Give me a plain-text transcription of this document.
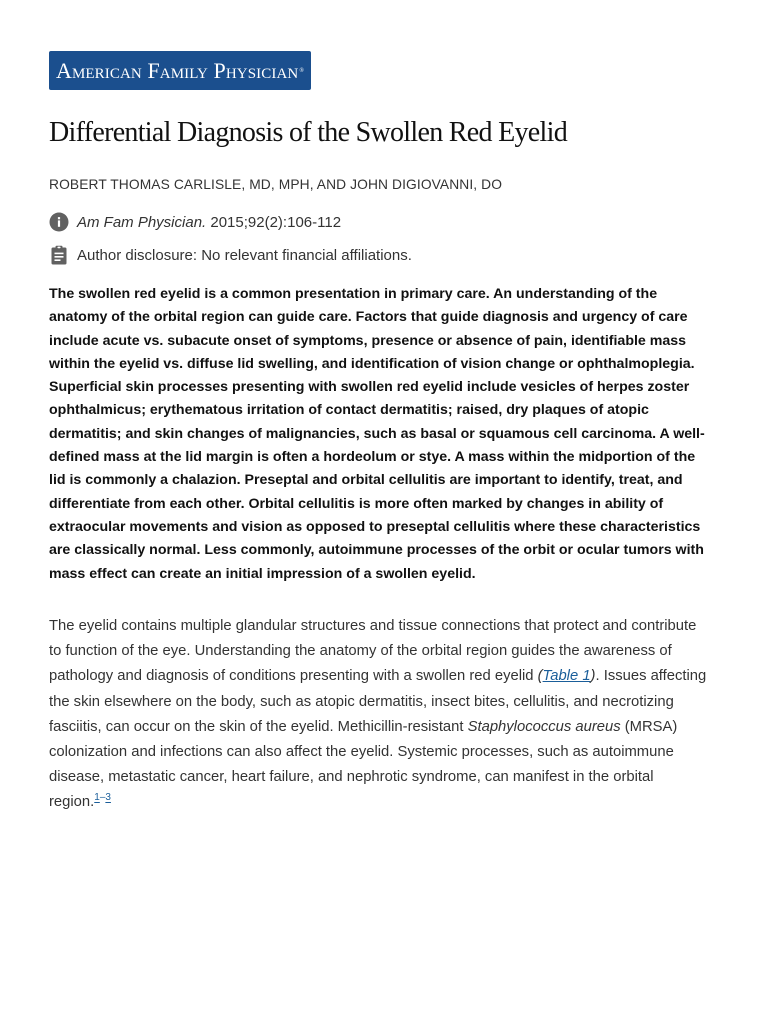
American Family Physician ®
Differential Diagnosis of the Swollen Red Eyelid
ROBERT THOMAS CARLISLE, MD, MPH, AND JOHN DIGIOVANNI, DO
Am Fam Physician.
2015;92(2):106-112
Author disclosure: No relevant financial affiliations.

The swollen red eyelid is a common presentation in primary care. An understanding of the anatomy of the orbital region can guide care. Factors that guide diagnosis and urgency of care include acute vs. subacute onset of symptoms, presence or absence of pain, identifiable mass within the eyelid vs. diffuse lid swelling, and identification of vision change or ophthalmoplegia. Superficial skin processes presenting with swollen red eyelid include vesicles of herpes zoster ophthalmicus; erythematous irritation of contact dermatitis; raised, dry plaques of atopic dermatitis; and skin changes of malignancies, such as basal or squamous cell carcinoma. A well-defined mass at the lid margin is often a hordeolum or stye. A mass within the midportion of the lid is commonly a chalazion. Preseptal and orbital cellulitis are important to identify, treat, and differentiate from each other. Orbital cellulitis is more often marked by changes in ability of extraocular movements and vision as opposed to preseptal cellulitis where these characteristics are classically normal. Less commonly, autoimmune processes of the orbit or ocular tumors with mass effect can create an initial impression of a swollen eyelid.

The eyelid contains multiple glandular structures and tissue connections that protect and contribute to function of the eye. Understanding the anatomy of the orbital region guides the awareness of pathology and diagnosis of conditions presenting with a swollen red eyelid (Table 1). Issues affecting the skin elsewhere on the body, such as atopic dermatitis, insect bites, cellulitis, and necrotizing fasciitis, can occur on the skin of the eyelid. Methicillin-resistant Staphylococcus aureus (MRSA) colonization and infections can also affect the eyelid. Systemic processes, such as autoimmune disease, metastatic cancer, heart failure, and nephrotic syndrome, can manifest in the orbital region.$^{1-3}$
